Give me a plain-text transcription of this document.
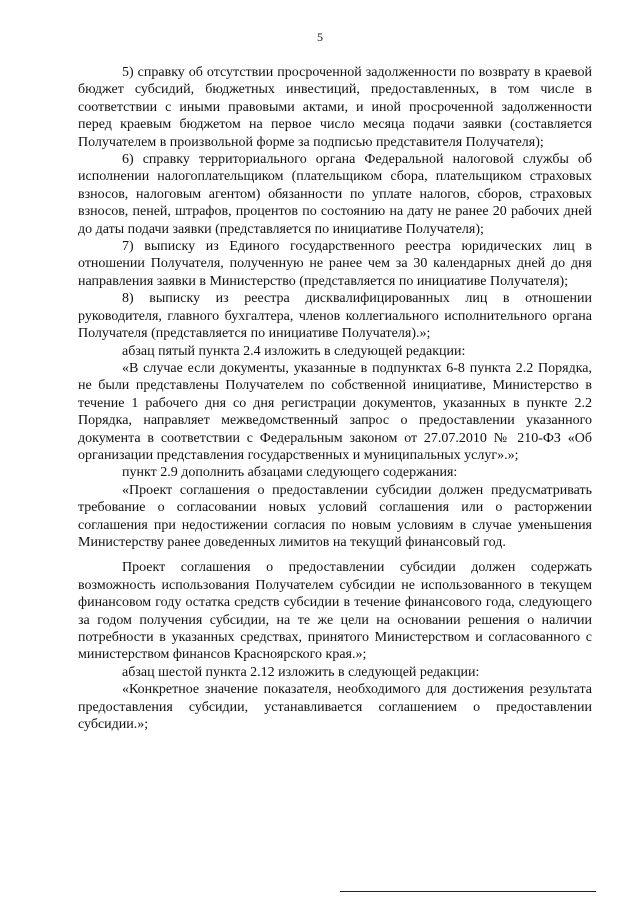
5

5) справку об отсутствии просроченной задолженности по возврату в краевой бюджет субсидий, бюджетных инвестиций, предоставленных, в том числе в соответствии с иными правовыми актами, и иной просроченной задолженности перед краевым бюджетом на первое число месяца подачи заявки (составляется Получателем в произвольной форме за подписью представителя Получателя);

6) справку территориального органа Федеральной налоговой службы об исполнении налогоплательщиком (плательщиком сбора, плательщиком страховых взносов, налоговым агентом) обязанности по уплате налогов, сборов, страховых взносов, пеней, штрафов, процентов по состоянию на дату не ранее 20 рабочих дней до даты подачи заявки (представляется по инициативе Получателя);

7) выписку из Единого государственного реестра юридических лиц в отношении Получателя, полученную не ранее чем за 30 календарных дней до дня направления заявки в Министерство (представляется по инициативе Получателя);

8) выписку из реестра дисквалифицированных лиц в отношении руководителя, главного бухгалтера, членов коллегиального исполнительного органа Получателя (представляется по инициативе Получателя).»;

абзац пятый пункта 2.4 изложить в следующей редакции:

«В случае если документы, указанные в подпунктах 6-8 пункта 2.2 Порядка, не были представлены Получателем по собственной инициативе, Министерство в течение 1 рабочего дня со дня регистрации документов, указанных в пункте 2.2 Порядка, направляет межведомственный запрос о предоставлении указанного документа в соответствии с Федеральным законом от 27.07.2010 № 210-ФЗ «Об организации представления государственных и муниципальных услуг».»;

пункт 2.9 дополнить абзацами следующего содержания:

«Проект соглашения о предоставлении субсидии должен предусматривать требование о согласовании новых условий соглашения или о расторжении соглашения при недостижении согласия по новым условиям в случае уменьшения Министерству ранее доведенных лимитов на текущий финансовый год.

Проект соглашения о предоставлении субсидии должен содержать возможность использования Получателем субсидии не использованного в текущем финансовом году остатка средств субсидии в течение финансового года, следующего за годом получения субсидии, на те же цели на основании решения о наличии потребности в указанных средствах, принятого Министерством и согласованного с министерством финансов Красноярского края.»;

абзац шестой пункта 2.12 изложить в следующей редакции:

«Конкретное значение показателя, необходимого для достижения результата предоставления субсидии, устанавливается соглашением о предоставлении субсидии.»;
